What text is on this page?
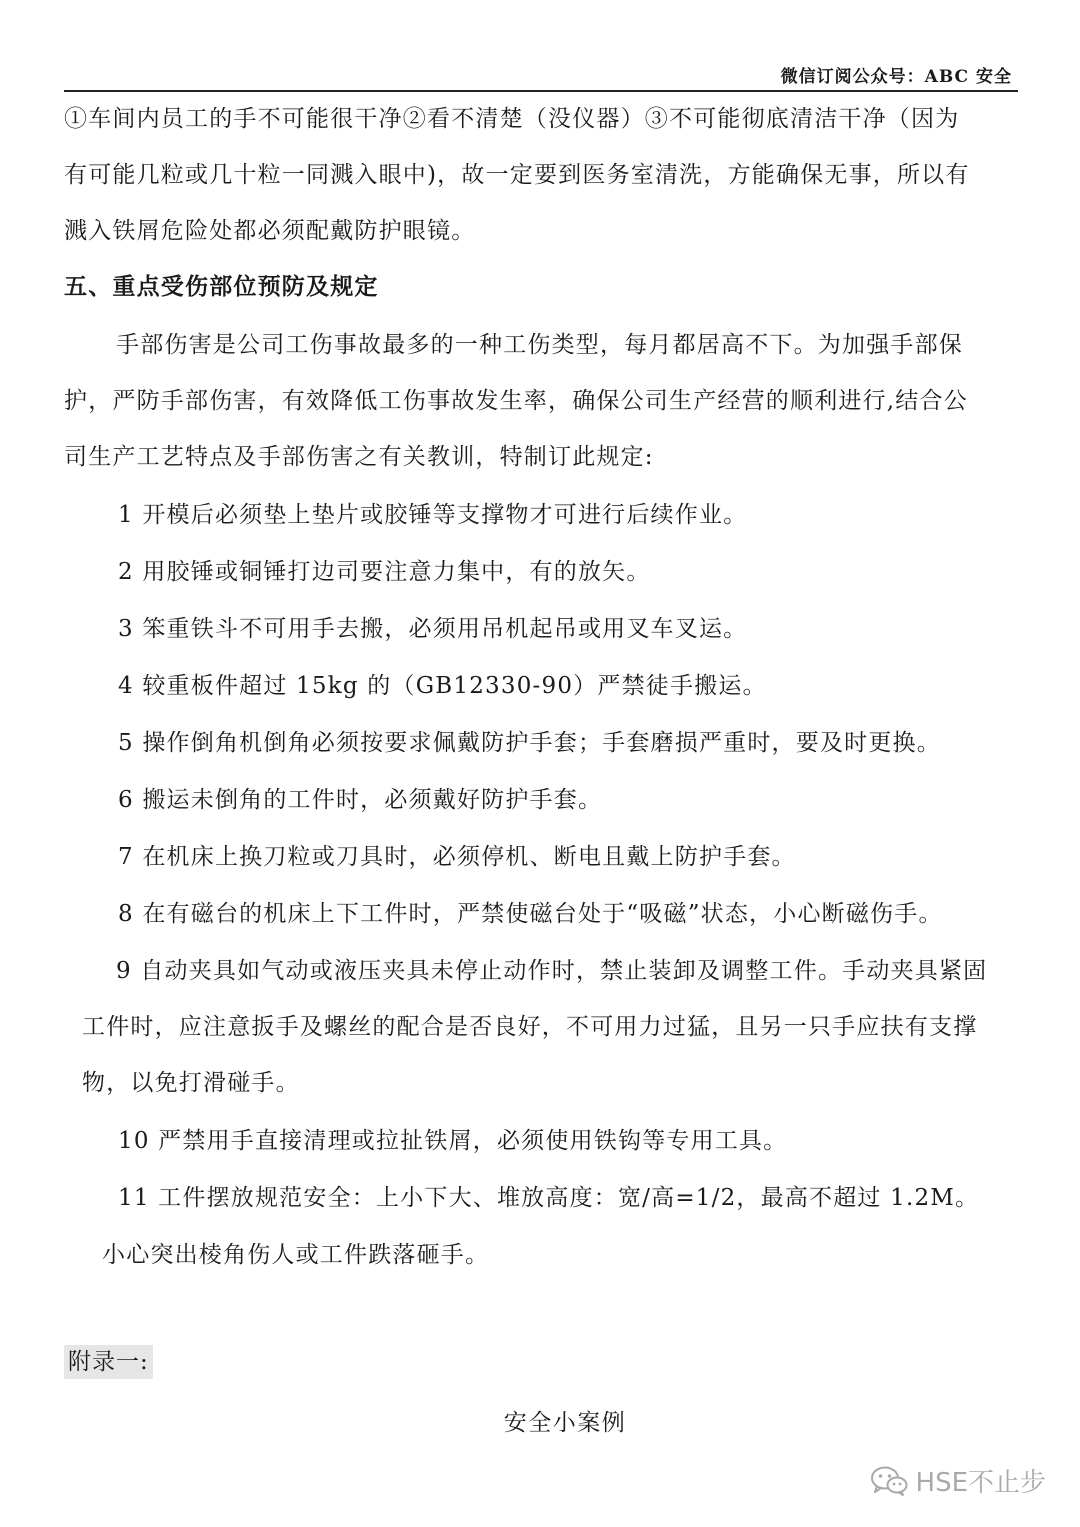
微信订阅公众号：ABC 安全
①车间内员工的手不可能很干净②看不清楚（没仪器）③不可能彻底清洁干净（因为
有可能几粒或几十粒一同溅入眼中)，故一定要到医务室清洗，方能确保无事，所以有
溅入铁屑危险处都必须配戴防护眼镜。
五、重点受伤部位预防及规定
手部伤害是公司工伤事故最多的一种工伤类型，每月都居高不下。为加强手部保
护，严防手部伤害，有效降低工伤事故发生率，确保公司生产经营的顺利进行,结合公
司生产工艺特点及手部伤害之有关教训，特制订此规定:
1 开模后必须垫上垫片或胶锤等支撑物才可进行后续作业。
2 用胶锤或铜锤打边司要注意力集中，有的放矢。
3 笨重铁斗不可用手去搬，必须用吊机起吊或用叉车叉运。
4 较重板件超过 15kg 的（GB12330-90）严禁徒手搬运。
5 操作倒角机倒角必须按要求佩戴防护手套；手套磨损严重时，要及时更换。
6 搬运未倒角的工件时，必须戴好防护手套。
7 在机床上换刀粒或刀具时，必须停机、断电且戴上防护手套。
8 在有磁台的机床上下工件时，严禁使磁台处于“吸磁”状态，小心断磁伤手。
9 自动夹具如气动或液压夹具未停止动作时，禁止装卸及调整工件。手动夹具紧固
工件时，应注意扳手及螺丝的配合是否良好，不可用力过猛，且另一只手应扶有支撑
物，以免打滑碰手。
10 严禁用手直接清理或拉扯铁屑，必须使用铁钩等专用工具。
11 工件摆放规范安全：上小下大、堆放高度：宽/高=1/2，最高不超过 1.2M。
小心突出棱角伤人或工件跌落砸手。
附录一:
安全小案例
HSE不止步
